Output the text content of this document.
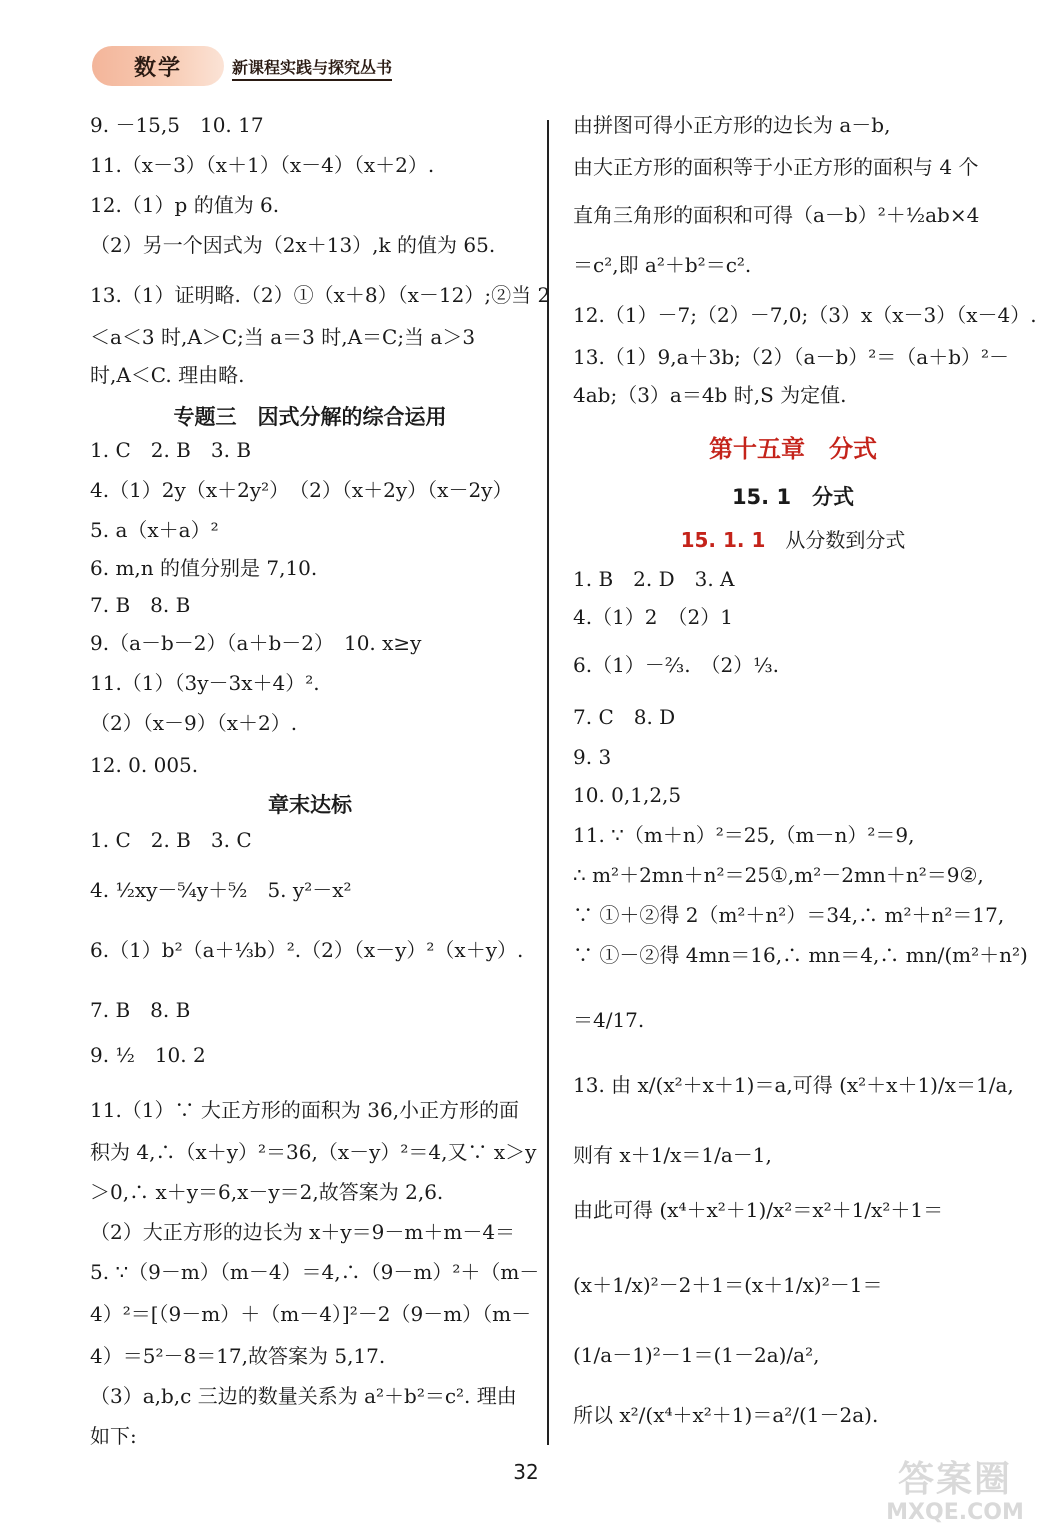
数学	新课程实践与探究丛书
9. －15,5　10. 17
11.（x－3）（x＋1）（x－4）（x＋2）.
12.（1）p 的值为 6.
（2）另一个因式为（2x＋13）,k 的值为 65.
13.（1）证明略.（2）①（x＋8）（x－12）;②当 2
＜a＜3 时,A＞C;当 a＝3 时,A＝C;当 a＞3
时,A＜C. 理由略.
专题三　因式分解的综合运用
1. C　2. B　3. B
4.（1）2y（x＋2y²）　（2）（x＋2y）（x－2y）
5. a（x＋a）²
6. m,n 的值分别是 7,10.
7. B　8. B
9.（a－b－2）（a＋b－2）　10. x≥y
11.（1）（3y－3x＋4）².
（2）（x－9）（x＋2）.
12. 0. 005.
章末达标
1. C　2. B　3. C
4. ½xy－⁵⁄₄y＋⁵⁄₂　5. y²－x²
6.（1）b²（a＋⅓b）².（2）（x－y）²（x＋y）.
7. B　8. B
9. ½　10. 2
11.（1）∵ 大正方形的面积为 36,小正方形的面
积为 4,∴（x＋y）²＝36,（x－y）²＝4,又∵ x＞y
＞0,∴ x＋y＝6,x－y＝2,故答案为 2,6.
（2）大正方形的边长为 x＋y＝9－m＋m－4＝
5. ∵（9－m）（m－4）＝4,∴（9－m）²＋（m－
4）²＝[（9－m）＋（m－4）]²－2（9－m）（m－
4）＝5²－8＝17,故答案为 5,17.
（3）a,b,c 三边的数量关系为 a²＋b²＝c². 理由
如下:
由拼图可得小正方形的边长为 a－b,
由大正方形的面积等于小正方形的面积与 4 个
直角三角形的面积和可得（a－b）²＋½ab×4
＝c²,即 a²＋b²＝c².
12.（1）－7;（2）－7,0;（3）x（x－3）（x－4）.
13.（1）9,a＋3b;（2）（a－b）²＝（a＋b）²－
4ab;（3）a＝4b 时,S 为定值.
第十五章　分式
15. 1　分式
15. 1. 1　 从分数到分式
1. B　2. D　3. A
4.（1）2　（2）1
6.（1）－⅔.　（2）⅓.
7. C　8. D
9. 3
10. 0,1,2,5
11. ∵（m＋n）²＝25,（m－n）²＝9,
∴ m²＋2mn＋n²＝25①,m²－2mn＋n²＝9②,
∵ ①＋②得 2（m²＋n²）＝34,∴ m²＋n²＝17,
∵ ①－②得 4mn＝16,∴ mn＝4,∴ mn/(m²＋n²)
＝4/17.
13. 由 x/(x²＋x＋1)＝a,可得 (x²＋x＋1)/x＝1/a,
则有 x＋1/x＝1/a－1,
由此可得 (x⁴＋x²＋1)/x²＝x²＋1/x²＋1＝
(x＋1/x)²－2＋1＝(x＋1/x)²－1＝
(1/a－1)²－1＝(1－2a)/a²,
所以 x²/(x⁴＋x²＋1)＝a²/(1－2a).
32	答案圈
MXQE.COM
